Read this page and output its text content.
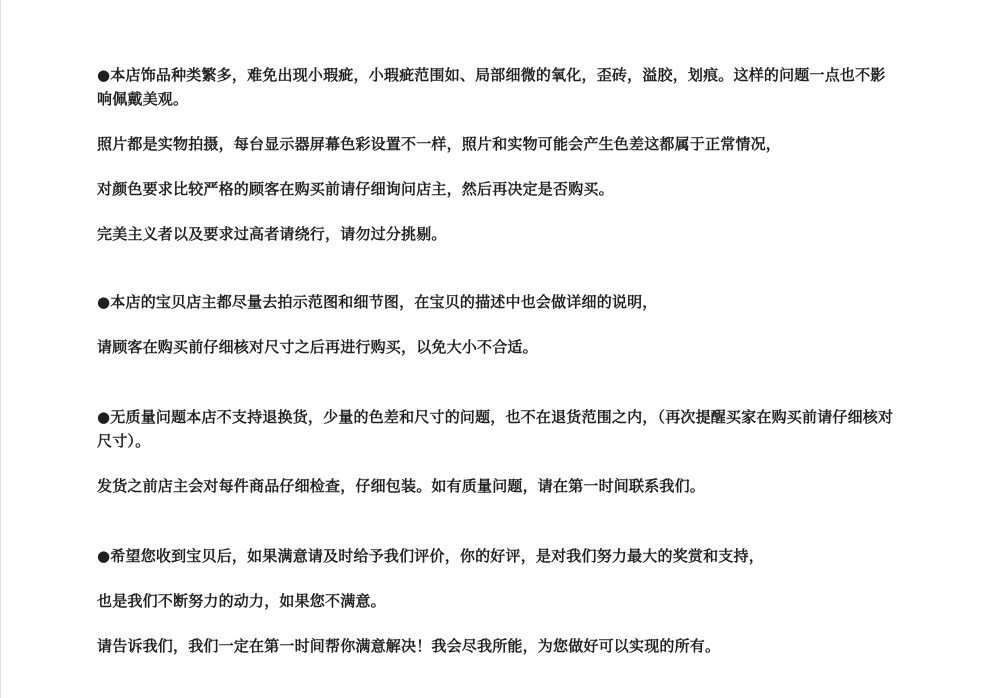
●本店饰品种类繁多，难免出现小瑕疵，小瑕疵范围如、局部细微的氧化，歪砖，溢胶，划痕。这样的问题一点也不影响佩戴美观。

照片都是实物拍摄，每台显示器屏幕色彩设置不一样，照片和实物可能会产生色差这都属于正常情况，

对颜色要求比较严格的顾客在购买前请仔细询问店主，然后再决定是否购买。

完美主义者以及要求过高者请绕行，请勿过分挑剔。

●本店的宝贝店主都尽量去拍示范图和细节图，在宝贝的描述中也会做详细的说明，

请顾客在购买前仔细核对尺寸之后再进行购买，以免大小不合适。

●无质量问题本店不支持退换货，少量的色差和尺寸的问题，也不在退货范围之内，（再次提醒买家在购买前请仔细核对尺寸）。

发货之前店主会对每件商品仔细检查，仔细包装。如有质量问题，请在第一时间联系我们。

●希望您收到宝贝后，如果满意请及时给予我们评价，你的好评，是对我们努力最大的奖赏和支持，

也是我们不断努力的动力，如果您不满意。

请告诉我们，我们一定在第一时间帮你满意解决！我会尽我所能，为您做好可以实现的所有。
